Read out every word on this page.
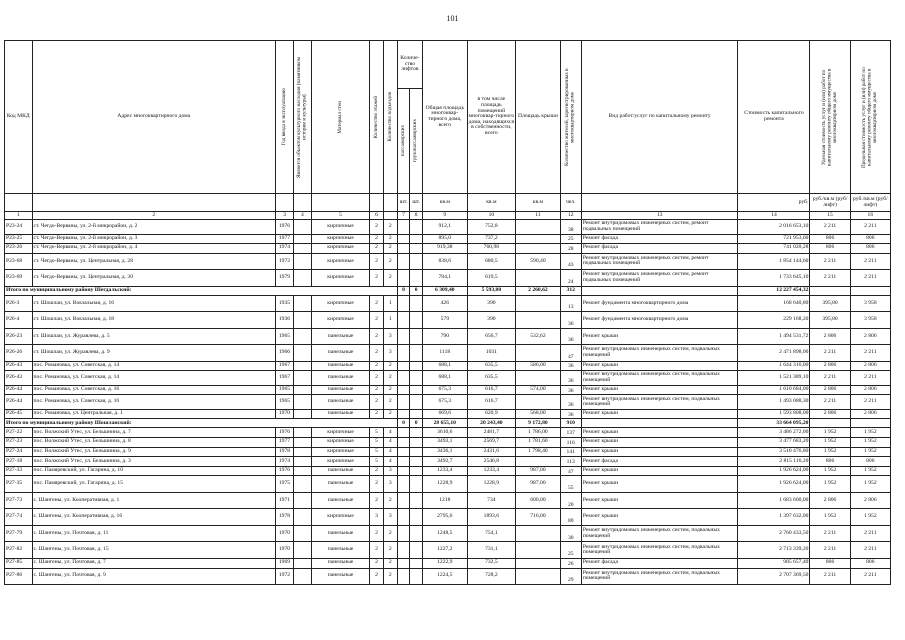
101
Код МКД	Адрес многоквартирного дома	Год ввода в эксплуатацию	Является объектом культурного наследия (памятником истории и культуры)	Материал стен	Количество этажей	Количество подъездов	Количе-ство лифтов		Общая площадь многоквар-тирного дома, всего	в том числе площадь помещений многоквар-тирного дома, находящихся в собственности, всего	Площадь крыши	Количество жителей, зарегистрированных в многоквартирном доме	Вид работ/услуг по капитальному ремонту	Стоимость капитального ремонта	Удельная стоимость услуг и (или) работ по капитальному ремонту общего имущества в многоквартирном доме	Предельная стоимость услуг и (или) работ по капитальному ремонту общего имущества в многоквартирном доме

							пассажирских	грузопассажирских								

							шт.	шт.	кв.м	кв.м	кв.м	чел.		руб.	руб./кв.м (руб/лифт)	руб./кв.м (руб/лифт)
1	2	3	4	5	6		7	8	9	10	11	12	13	14	15	16
Р23-24	ст. Чегдо-Верваны, ул. 2-й микрорайон, д. 2	1976		кирпичные	2	2			912,1	752,8		38	Ремонт внутридомовых инженерных систем, ремонт подвальных помещений	2 016 653,10	2 211	2 211
Р23-25	ст. Чегдо-Верваны, ул. 2-й микрорайон, д. 3	1977		кирпичные	2	2			895,0	737,2		25	Ремонт фасада	721 953,60	806	806
Р23-26	ст. Чегдо-Верваны, ул. 2-й микрорайон, д. 4	1974		кирпичные	2	2			919,38	760,98		28	Ремонт фасада	741 020,28	806	806
Р23-68	ст. Чегдо-Верваны, ул. Центральная, д. 28	1972		кирпичные	2	2			838,6	680,5	590,40	43	Ремонт внутридомовых инженерных систем, ремонт подвальных помещений	1 854 144,60	2 211	2 211
Р23-69	ст. Чегдо-Верваны, ул. Центральная, д. 30	1979		кирпичные	2	2			784,1	619,5		24	Ремонт внутридомовых инженерных систем, ремонт подвальных помещений	1 733 645,10	2 211	2 211
Итого по муниципальному району Шегдальский:							0	0	6 309,40	5 593,00	2 260,62	312		12 227 454,32		
Р26-3	ст. Шошлаи, ул. Вокзальная, д. 16	1935		кирпичные	2	1			426	390		13	Ремонт фундамента многоквартирного дома	168 640,80	395,80	3 958
Р26-4	ст. Шошлаи, ул. Вокзальная, д. 18	1936		кирпичные	2	1			579	390		36	Ремонт фундамента многоквартирного дома	229 168,20	395,80	3 958
Р26-23	ст. Шошлаи, ул. Журавлева, д. 5	1965		панельные	2	3			790	656,7	532,62	36	Ремонт крыши	1 494 531,72	2 806	2 806
Р26-26	ст. Шошлаи, ул. Журавлева, д. 9	1966		панельные	2	3			1118	1031		47	Ремонт внутридомовых инженерных систем, подвальных помещений	2 471 898,00	2 211	2 211
Р26-43	пос. Романовка, ул. Советская, д. 14	1967		панельные	2	2			688,1	635,5	586,00	36	Ремонт крыши	1 644 316,00	2 806	2 806
Р26-43	пос. Романовка, ул. Советская, д. 14	1967		панельные	2	2			688,1	635,5		36	Ремонт внутридомовых инженерных систем, подвальных помещений	1 521 389,10	2 211	2 211
Р26-44	пос. Романовка, ул. Советская, д. 16	1965		панельные	2	2			675,3	616,7	574,00	36	Ремонт крыши	1 610 684,00	2 806	2 806
Р26-44	пос. Романовка, ул. Советская, д. 16	1965		панельные	2	2			675,3	616,7		36	Ремонт внутридомовых инженерных систем, подвальных помещений	1 493 088,30	2 211	2 211
Р26-45	пос. Романовка, ул. Центральная, д. 1	1970		панельные	2	2			669,6	620,9	568,00	36	Ремонт крыши	1 593 808,00	2 806	2 806
Итого по муниципальному району Шошлаиский:							0	0	28 655,10	20 243,40	9 172,80	910		33 664 095,20		
Р27-22	пос. Волжский Утес, ул. Бельшнина, д. 7	1976		кирпичные	5	4			3610,6	2481,7	1 786,00	137	Ремонт крыши	3 486 272,00	1 952	1 952
Р27-23	пос. Волжский Утес, ул. Бельшнина, д. 8	1977		кирпичные	5	4			3493,1	2569,7	1 781,60	116	Ремонт крыши	3 477 683,20	1 952	1 952
Р27-24	пос. Волжский Утес, ул. Бельшнина, д. 9	1978		кирпичные	5	4			3436,1	2431,6	1 798,40	141	Ремонт крыши	3 510 476,80	1 952	1 952
Р27-18	пос. Волжский Утес, ул. Бельшнина, д. 3	1974		кирпичные	5	4			3492,7	2546,8		113	Ремонт фасада	2 815 116,20	806	806
Р27-33	пос. Памяревский, ул. Гагарина, д. 10	1976		панельные	2	3			1233,4	1233,4	987,00	47	Ремонт крыши	1 926 624,00	1 952	1 952
Р27-35	пос. Памяревский, ул. Гагарина, д. 15	1975		панельные	2	3			1228,9	1228,9	987,00	55	Ремонт крыши	1 926 624,00	1 952	1 952
Р27-73	с. Шангены, ул. Кооперативная, д. 1	1971		панельные	2	2			1218	734	600,00	20	Ремонт крыши	1 683 600,00	2 806	2 806
Р27-74	с. Шангены, ул. Кооперативная, д. 16	1978		кирпичные	3	3			2795,6	1893,6	716,00	80	Ремонт крыши	1 397 632,00	1 952	1 952
Р27-79	с. Шангены, ул. Почтовая, д. 11	1970		панельные	2	2			1248,5	754,1		30	Ремонт внутридомовых инженерных систем, подвальных помещений	2 760 433,50	2 211	2 211
Р27-82	с. Шангены, ул. Почтовая, д. 15	1970		панельные	2	2			1227,2	731,1		25	Ремонт внутридомовых инженерных систем, подвальных помещений	2 713 339,20	2 211	2 211
Р27-85	с. Шангены, ул. Почтовая, д. 7	1969		панельные	2	2			1222,9	732,5		26	Ремонт фасада	985 657,40	806	806
Р27-86	с. Шангены, ул. Почтовая, д. 9	1972		панельные	2	2			1224,5	728,2		29	Ремонт внутридомовых инженерных систем, подвальных помещений	2 707 369,50	2 211	2 211
